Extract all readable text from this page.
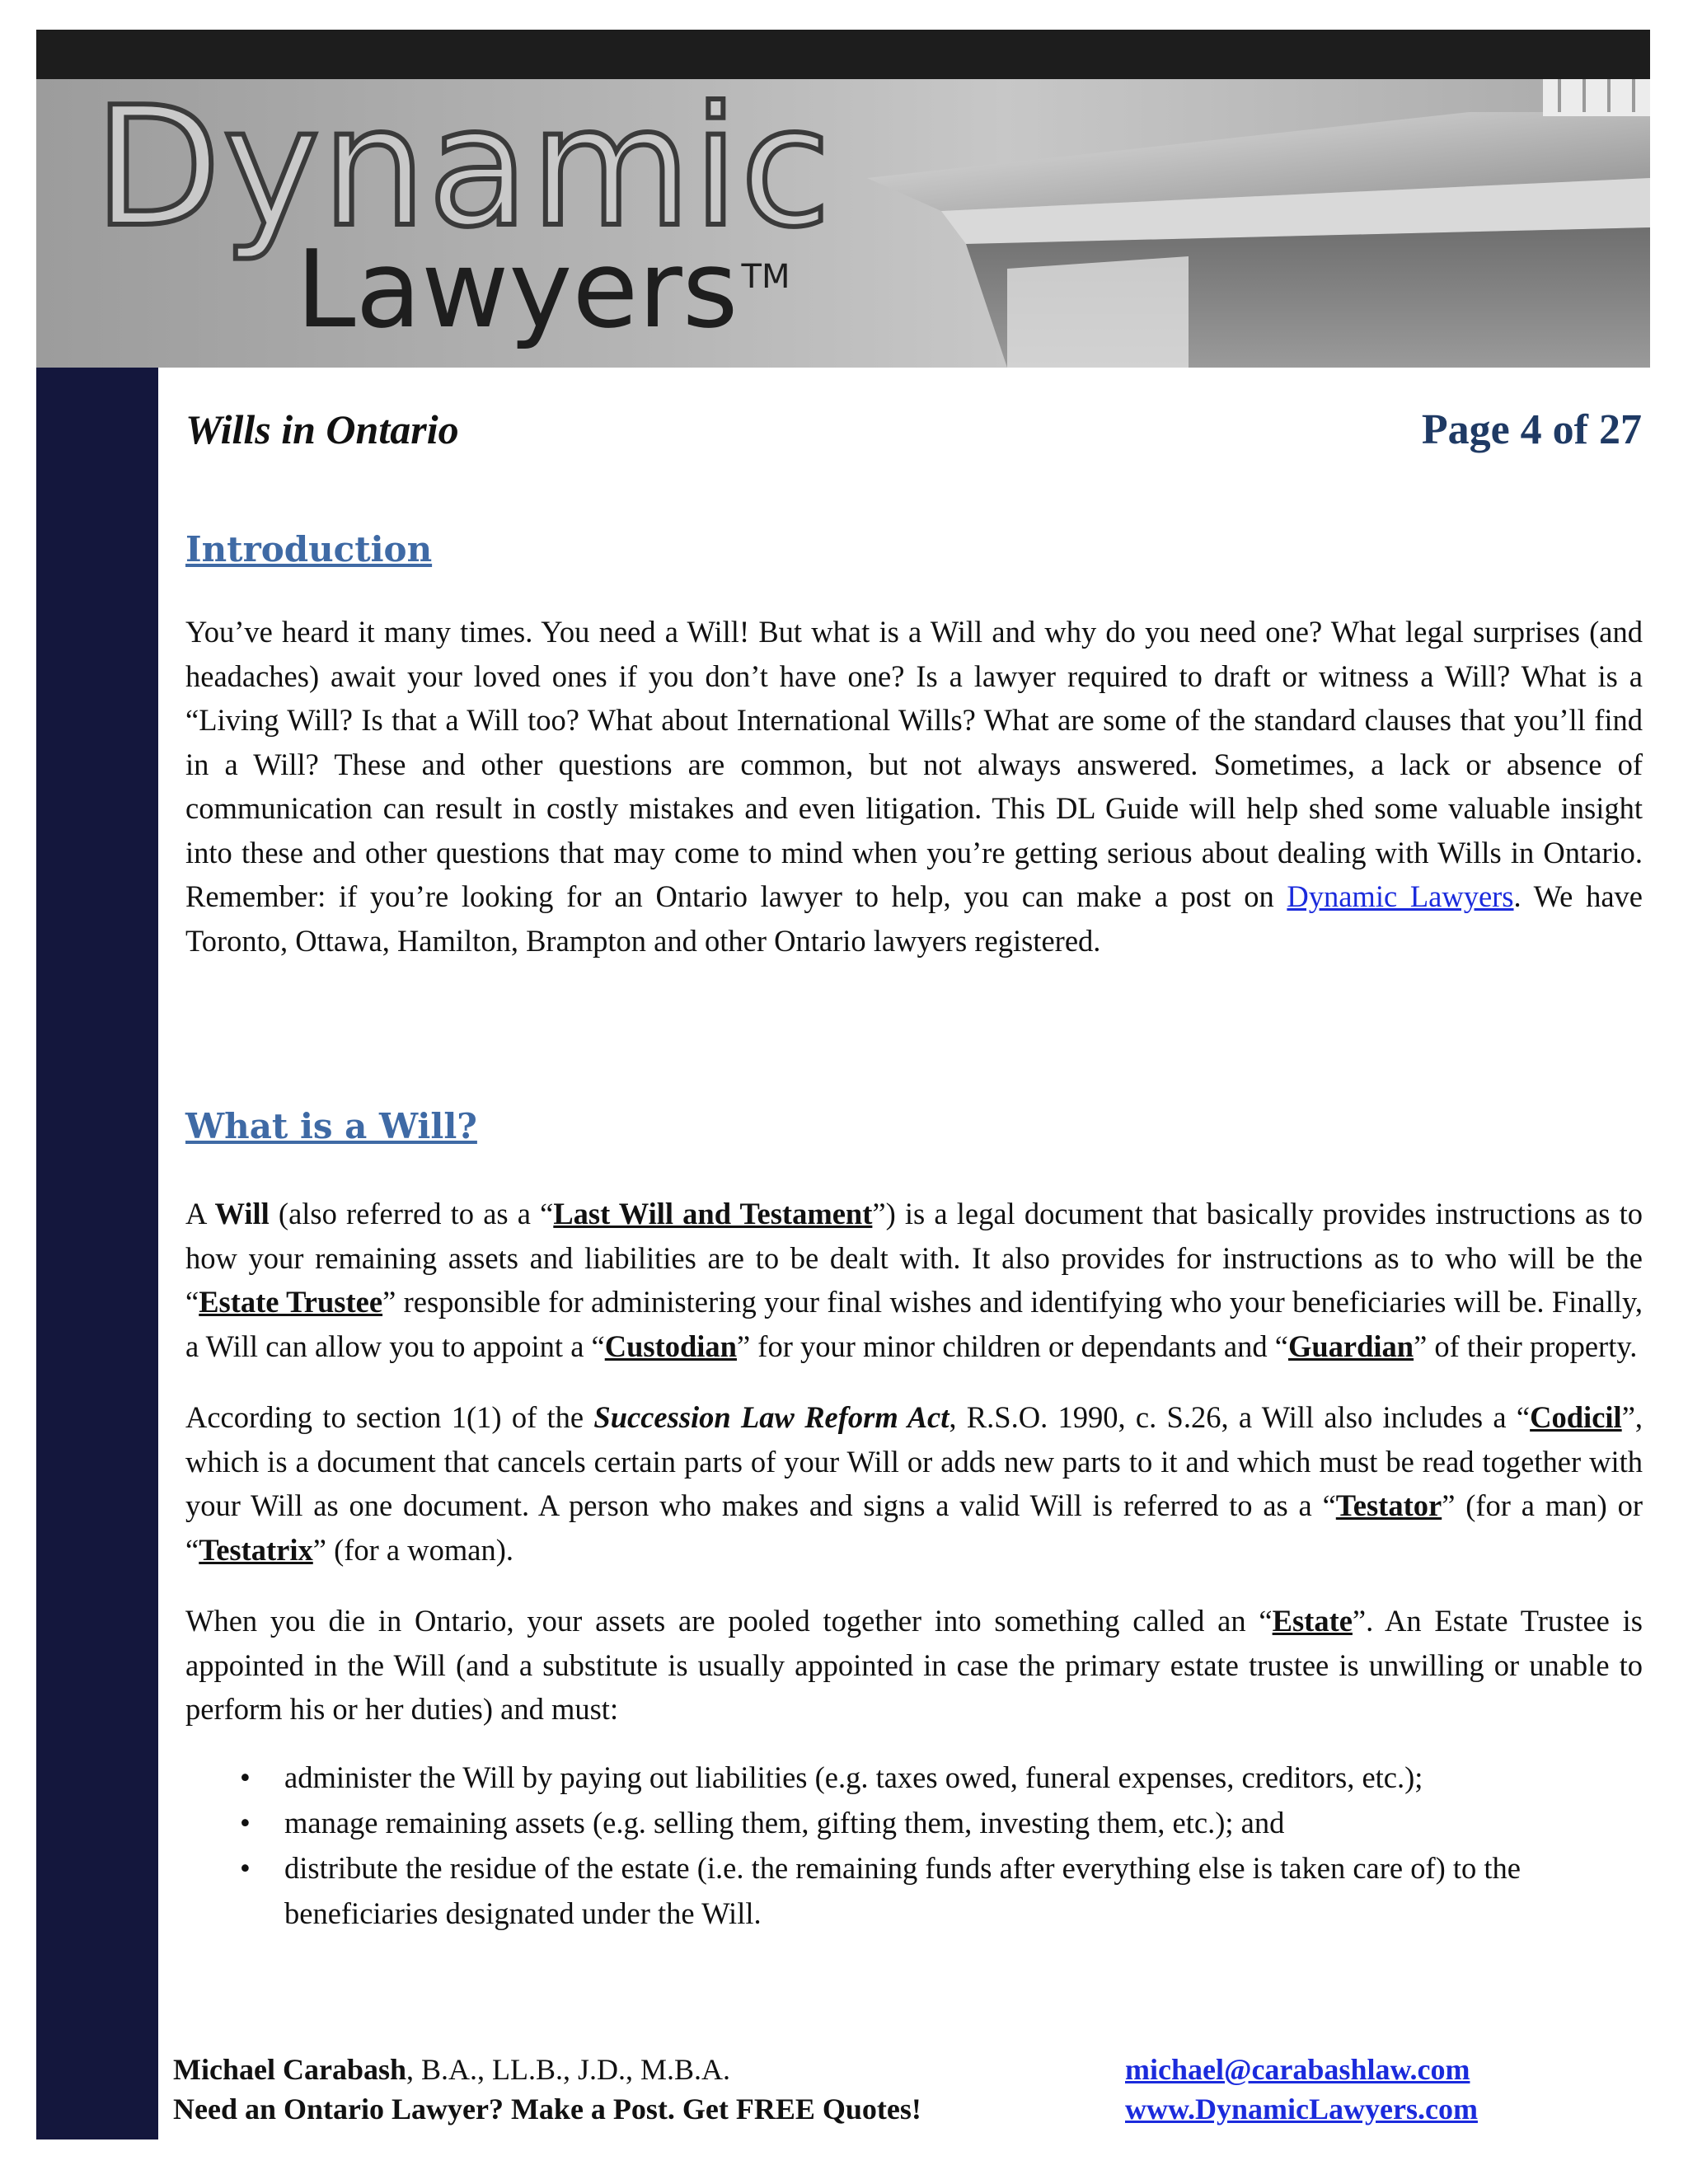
Dynamic
Lawyers ™
Wills in Ontario	Page 4 of 27
Introduction

You’ve heard it many times. You need a Will! But what is a Will and why do you need one? What legal surprises (and headaches) await your loved ones if you don’t have one? Is a lawyer required to draft or witness a Will? What is a “Living Will? Is that a Will too? What about International Wills? What are some of the standard clauses that you’ll find in a Will? These and other questions are common, but not always answered. Sometimes, a lack or absence of communication can result in costly mistakes and even litigation. This DL Guide will help shed some valuable insight into these and other questions that may come to mind when you’re getting serious about dealing with Wills in Ontario. Remember: if you’re looking for an Ontario lawyer to help, you can make a post on Dynamic Lawyers. We have Toronto, Ottawa, Hamilton, Brampton and other Ontario lawyers registered.

What is a Will?

A Will (also referred to as a “Last Will and Testament”) is a legal document that basically provides instructions as to how your remaining assets and liabilities are to be dealt with. It also provides for instructions as to who will be the “Estate Trustee” responsible for administering your final wishes and identifying who your beneficiaries will be. Finally, a Will can allow you to appoint a “Custodian” for your minor children or dependants and “Guardian” of their property.

According to section 1(1) of the Succession Law Reform Act, R.S.O. 1990, c. S.26, a Will also includes a “Codicil”, which is a document that cancels certain parts of your Will or adds new parts to it and which must be read together with your Will as one document. A person who makes and signs a valid Will is referred to as a “Testator” (for a man) or “Testatrix” (for a woman).

When you die in Ontario, your assets are pooled together into something called an “Estate”. An Estate Trustee is appointed in the Will (and a substitute is usually appointed in case the primary estate trustee is unwilling or unable to perform his or her duties) and must:

• administer the Will by paying out liabilities (e.g. taxes owed, funeral expenses, creditors, etc.);
• manage remaining assets (e.g. selling them, gifting them, investing them, etc.); and
• distribute the residue of the estate (i.e. the remaining funds after everything else is taken care of) to the beneficiaries designated under the Will.
Michael Carabash, B.A., LL.B., J.D., M.B.A.	michael@carabashlaw.com
Need an Ontario Lawyer? Make a Post. Get FREE Quotes!	www.DynamicLawyers.com
